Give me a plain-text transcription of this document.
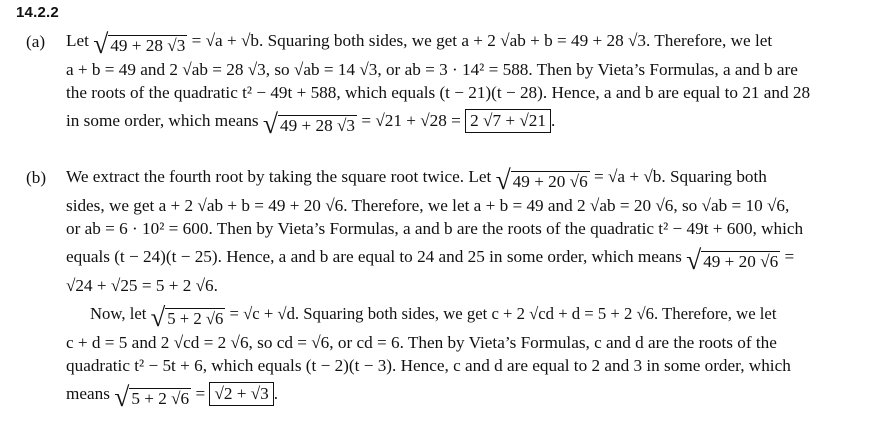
14.2.2
(a) Let √ 49 + 28 √3 = √a + √b. Squaring both sides, we get a + 2 √ab + b = 49 + 28 √3. Therefore, we let
a + b = 49 and 2 √ab = 28 √3, so √ab = 14 √3, or ab = 3 · 14² = 588. Then by Vieta’s Formulas, a and b are
the roots of the quadratic t² − 49t + 588, which equals (t − 21)(t − 28). Hence, a and b are equal to 21 and 28
in some order, which means √ 49 + 28 √3 = √21 + √28 = 2 √7 + √21 .
(b) We extract the fourth root by taking the square root twice. Let √ 49 + 20 √6 = √a + √b. Squaring both
sides, we get a + 2 √ab + b = 49 + 20 √6. Therefore, we let a + b = 49 and 2 √ab = 20 √6, so √ab = 10 √6,
or ab = 6 · 10² = 600. Then by Vieta’s Formulas, a and b are the roots of the quadratic t² − 49t + 600, which
equals (t − 24)(t − 25). Hence, a and b are equal to 24 and 25 in some order, which means √ 49 + 20 √6 =
√24 + √25 = 5 + 2 √6.
Now, let √ 5 + 2 √6 = √c + √d. Squaring both sides, we get c + 2 √cd + d = 5 + 2 √6. Therefore, we let
c + d = 5 and 2 √cd = 2 √6, so cd = √6, or cd = 6. Then by Vieta’s Formulas, c and d are the roots of the
quadratic t² − 5t + 6, which equals (t − 2)(t − 3). Hence, c and d are equal to 2 and 3 in some order, which
means √ 5 + 2 √6 = √2 + √3 .
